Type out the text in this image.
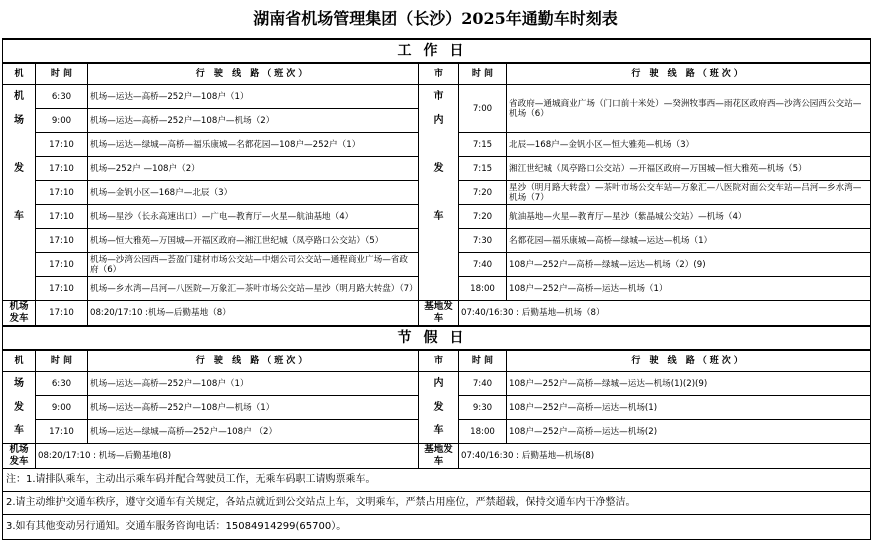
湖南省机场管理集团（长沙）2025年通勤车时刻表
工作日					
机	时 间	行 驶 线 路（班次）	市	时 间	行 驶 线 路（班次）
机	6:30	机场—运达—高桥—252户—108户（1）	市	7:00	省政府—通城商业广场（门口前十米处）—癸洲牧事西—雨花区政府西—沙湾公园西公交站—机场（6）
场	9:00	机场—运达—高桥—252户—108户—机场（2）	内		
	17:10	机场—运达—绿城—高桥—福乐康城—名都花园—108户—252户（1）		7:15	北辰—168户—金钒小区—恒大雅苑—机场（3）
发	17:10	机场—252户 —108户（2）	发	7:15	湘江世纪城（凤亭路口公交站）—开福区政府—万国城—恒大雅苑—机场（5）
	17:10	机场—金钒小区—168户—北辰（3）		7:20	星沙（明月路大转盘）—茶叶市场公交车站—万象汇—八医院对面公交车站—吕河—乡水湾—机场（7）
车	17:10	机场—星沙（长永高速出口）—广电—教育厅—火星—航油基地（4）	车	7:20	航油基地—火星—教育厅—星沙（紫晶城公交站）—机场（4）
	17:10	机场—恒大雅苑—万国城—开福区政府—湘江世纪城（凤亭路口公交站）（5）		7:30	名都花园—福乐康城—高桥—绿城—运达—机场（1）
	17:10	机场—沙湾公园西—荟盈门建材市场公交站—中烟公司公交站—通程商业广场—省政府（6）		7:40	108户—252户—高桥—绿城—运达—机场（2）(9)
	17:10	机场—乡水湾—吕河—八医院—万象汇—茶叶市场公交站—星沙（明月路大转盘）（7）		18:00	108户—252户—高桥—运达—机场（1）
机场发车	17:10	08:20/17:10 :机场—后勤基地（8）	基地发车	07:40/16:30 : 后勤基地—机场（8）	
节假日					
机	时 间	行 驶 线 路（班次）	市	时 间	行 驶 线 路（班次）
场	6:30	机场—运达—高桥—252户—108户（1）	内	7:40	108户—252户—高桥—绿城—运达—机场(1)(2)(9)
发	9:00	机场—运达—高桥—252户—108户—机场（1）	发	9:30	108户—252户—高桥—运达—机场(1)
车	17:10	机场—运达—绿城—高桥—252户—108户 （2）	车	18:00	108户—252户—高桥—运达—机场(2)
机场发车	08:20/17:10 : 机场—后勤基地(8)		基地发车	07:40/16:30 : 后勤基地—机场(8)	
注：1.请排队乘车，主动出示乘车码并配合驾驶员工作，无乘车码职工请购票乘车。					
2.请主动维护交通车秩序，遵守交通车有关规定，各站点就近到公交站点上车，文明乘车，严禁占用座位，严禁超载，保持交通车内干净整洁。					
3.如有其他变动另行通知。交通车服务咨询电话：15084914299(65700）。					
